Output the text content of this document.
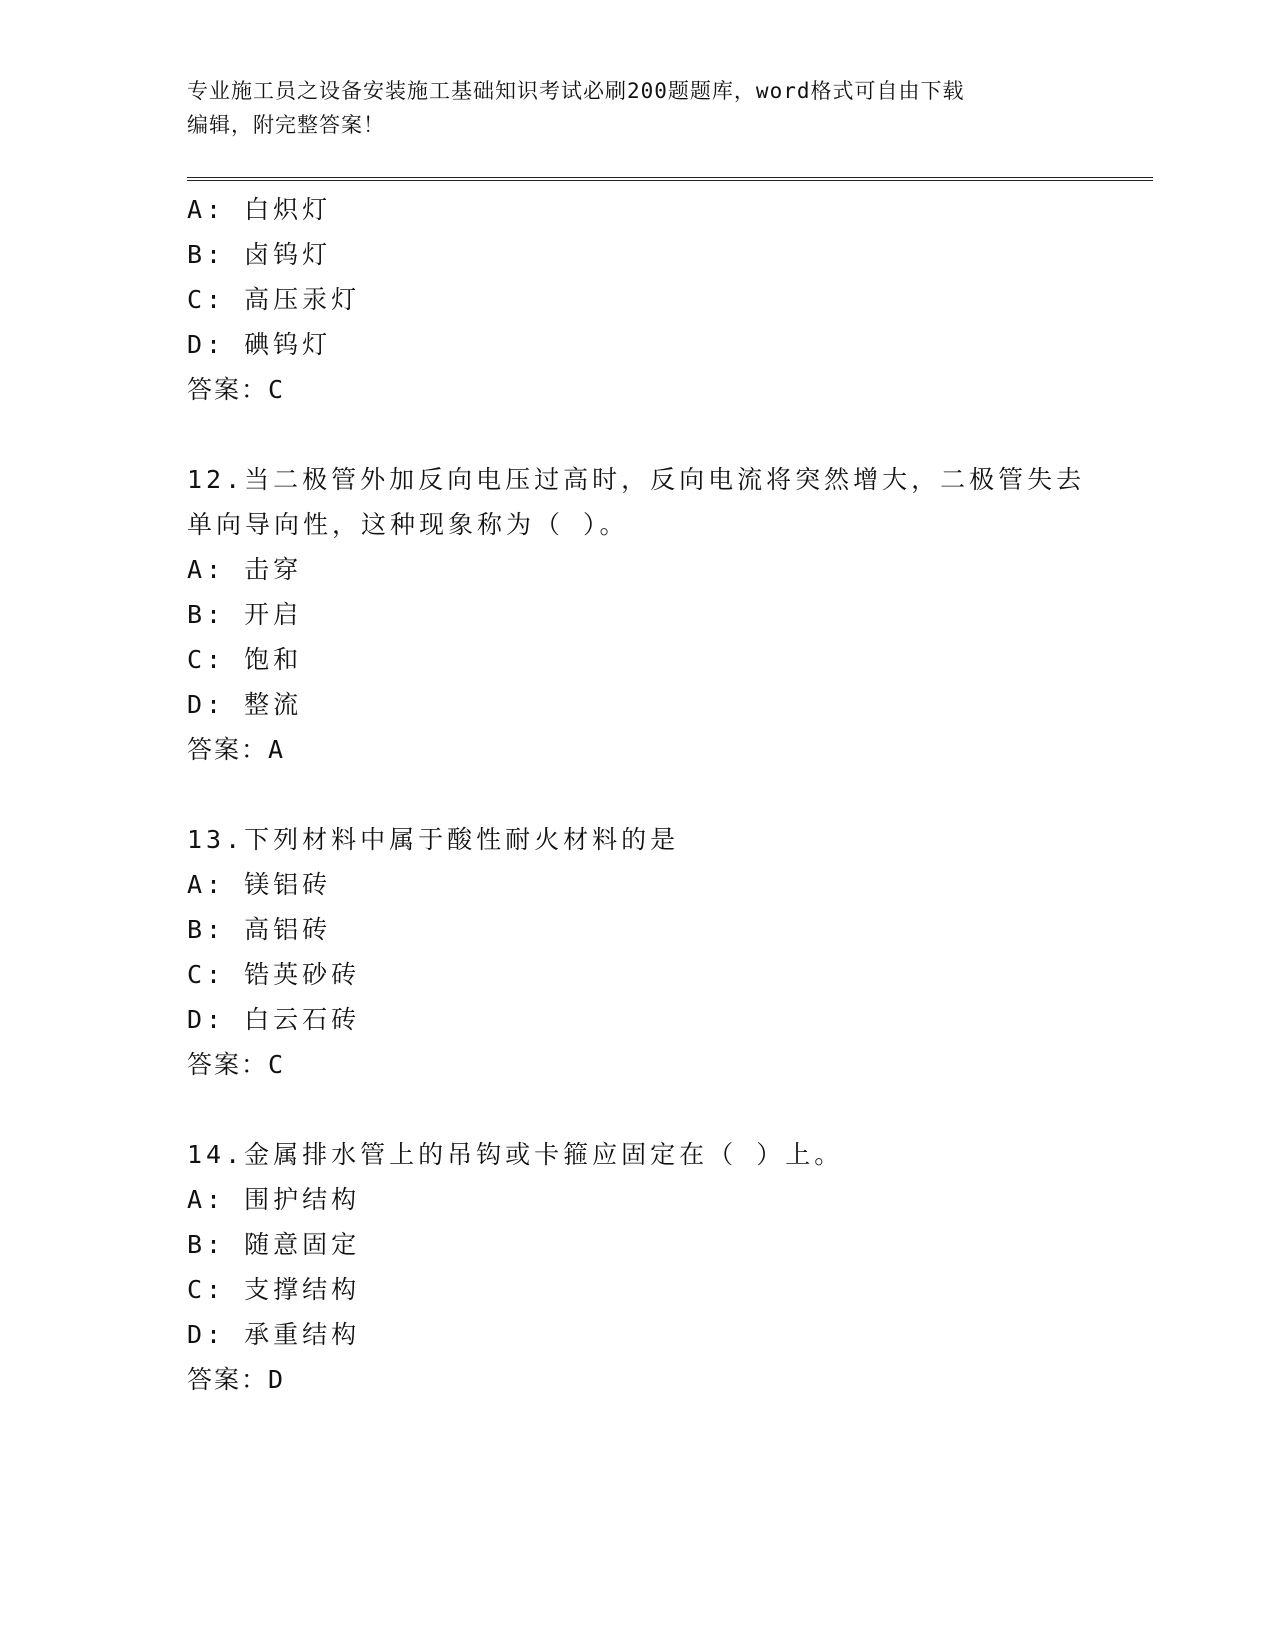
专业施工员之设备安装施工基础知识考试必刷200题题库，word格式可自由下载
编辑，附完整答案！
A: 白炽灯
B: 卤钨灯
C: 高压汞灯
D: 碘钨灯
答案：C
12.当二极管外加反向电压过高时，反向电流将突然增大，二极管失去
单向导向性，这种现象称为（ ）。
A: 击穿
B: 开启
C: 饱和
D: 整流
答案：A
13.下列材料中属于酸性耐火材料的是
A: 镁铝砖
B: 高铝砖
C: 锆英砂砖
D: 白云石砖
答案：C
14.金属排水管上的吊钩或卡箍应固定在（ ）上。
A: 围护结构
B: 随意固定
C: 支撑结构
D: 承重结构
答案：D
